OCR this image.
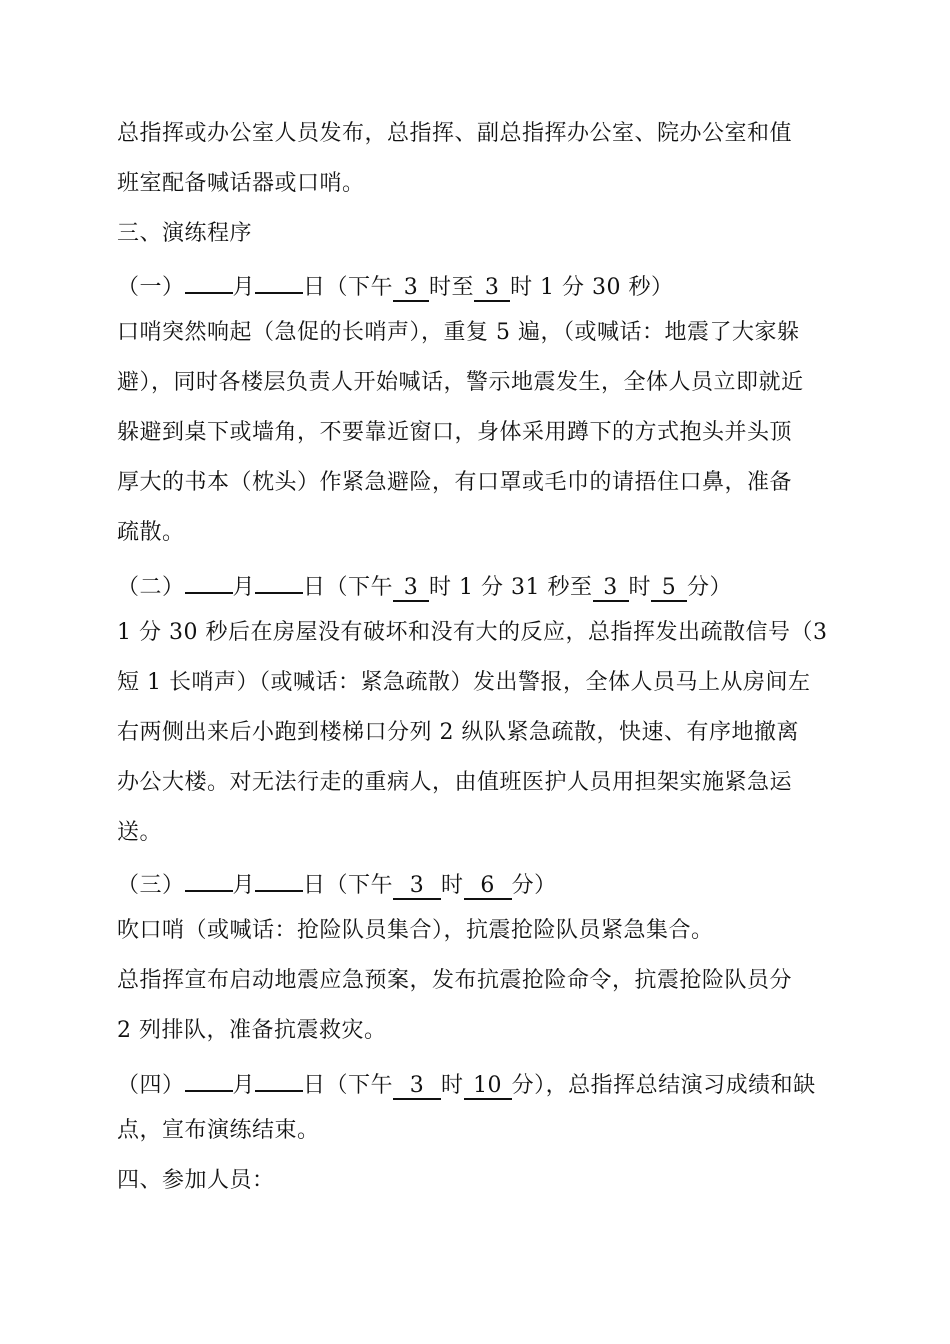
总指挥或办公室人员发布，总指挥、副总指挥办公室、院办公室和值
班室配备喊话器或口哨。
三、演练程序
（一） 月 日（下午 3 时至 3 时 1 分 30 秒）
口哨突然响起（急促的长哨声），重复 5 遍，（或喊话：地震了大家躲
避），同时各楼层负责人开始喊话，警示地震发生，全体人员立即就近
躲避到桌下或墙角，不要靠近窗口，身体采用蹲下的方式抱头并头顶
厚大的书本（枕头）作紧急避险，有口罩或毛巾的请捂住口鼻，准备
疏散。
（二） 月 日（下午 3 时 1 分 31 秒至 3 时 5 分）
1 分 30 秒后在房屋没有破坏和没有大的反应，总指挥发出疏散信号（3
短 1 长哨声）（或喊话：紧急疏散）发出警报，全体人员马上从房间左
右两侧出来后小跑到楼梯口分列 2 纵队紧急疏散，快速、有序地撤离
办公大楼。对无法行走的重病人，由值班医护人员用担架实施紧急运
送。
（三） 月 日（下午 3 时 6 分）
吹口哨（或喊话：抢险队员集合），抗震抢险队员紧急集合。
总指挥宣布启动地震应急预案，发布抗震抢险命令，抗震抢险队员分
2 列排队，准备抗震救灾。
（四） 月 日（下午 3 时 10 分），总指挥总结演习成绩和缺
点，宣布演练结束。
四、参加人员：
